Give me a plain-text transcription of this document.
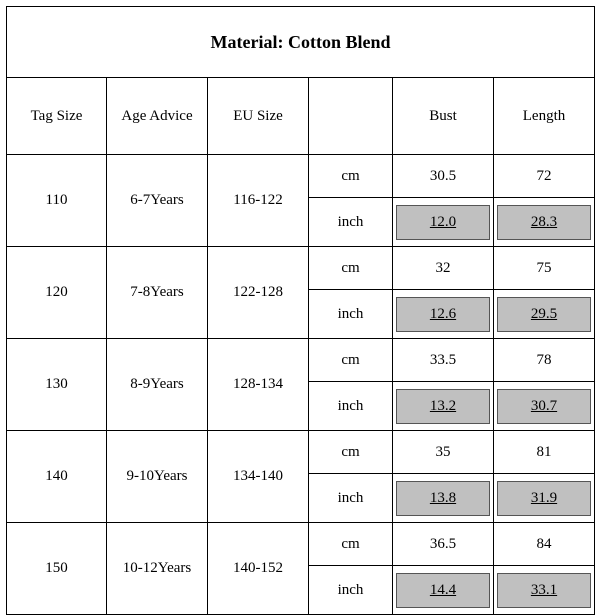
Material: Cotton Blend					
Tag Size	Age Advice	EU Size		Bust	Length
110	6-7Years	116-122	cm	30.5	72
			inch	12.0	28.3

120	7-8Years	122-128	cm	32	75
			inch	12.6	29.5

130	8-9Years	128-134	cm	33.5	78
			inch	13.2	30.7

140	9-10Years	134-140	cm	35	81
			inch	13.8	31.9

150	10-12Years	140-152	cm	36.5	84
			inch	14.4	33.1
